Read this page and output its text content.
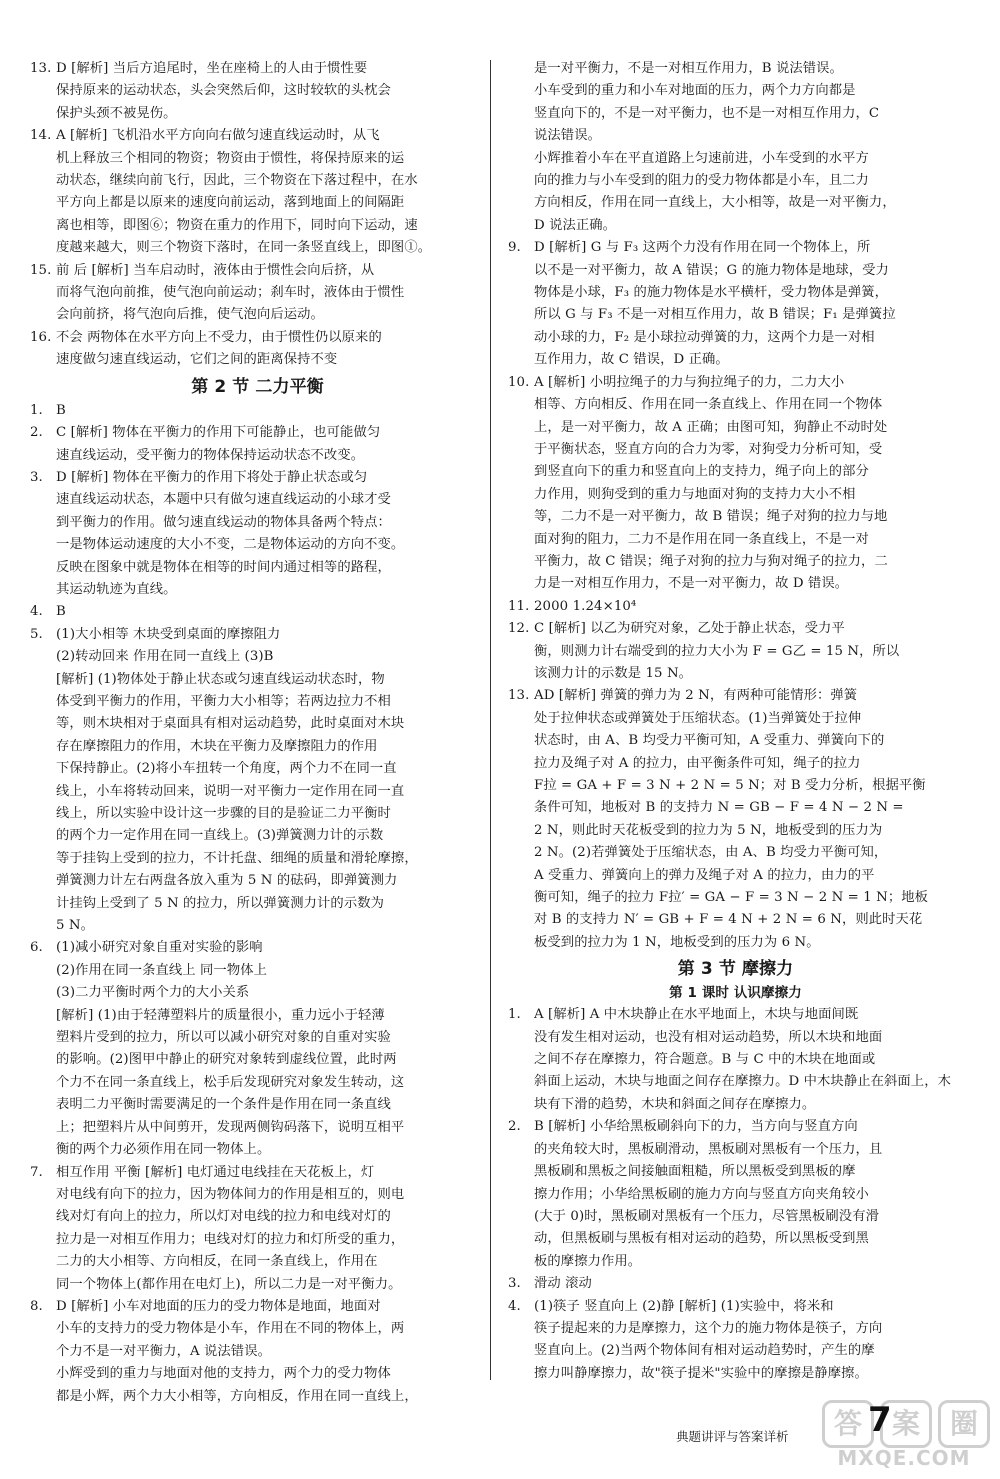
13. D [解析] 当后方追尾时，坐在座椅上的人由于惯性要
保持原来的运动状态，头会突然后仰，这时较软的头枕会
保护头颈不被晃伤。
14. A [解析] 飞机沿水平方向向右做匀速直线运动时，从飞
机上释放三个相同的物资；物资由于惯性，将保持原来的运
动状态，继续向前飞行，因此，三个物资在下落过程中，在水
平方向上都是以原来的速度向前运动，落到地面上的间隔距
离也相等，即图⑥；物资在重力的作用下，同时向下运动，速
度越来越大，则三个物资下落时，在同一条竖直线上，即图①。
15. 前 后 [解析] 当车启动时，液体由于惯性会向后挤，从
而将气泡向前推，使气泡向前运动；刹车时，液体由于惯性
会向前挤，将气泡向后推，使气泡向后运动。
16. 不会 两物体在水平方向上不受力，由于惯性仍以原来的
速度做匀速直线运动，它们之间的距离保持不变
第 2 节 二力平衡
1. B
2. C [解析] 物体在平衡力的作用下可能静止，也可能做匀
速直线运动，受平衡力的物体保持运动状态不改变。
3. D [解析] 物体在平衡力的作用下将处于静止状态或匀
速直线运动状态，本题中只有做匀速直线运动的小球才受
到平衡力的作用。做匀速直线运动的物体具备两个特点：
一是物体运动速度的大小不变，二是物体运动的方向不变。
反映在图象中就是物体在相等的时间内通过相等的路程，
其运动轨迹为直线。
4. B
5. (1)大小相等 木块受到桌面的摩擦阻力
(2)转动回来 作用在同一直线上 (3)B
[解析] (1)物体处于静止状态或匀速直线运动状态时，物
体受到平衡力的作用，平衡力大小相等；若两边拉力不相
等，则木块相对于桌面具有相对运动趋势，此时桌面对木块
存在摩擦阻力的作用，木块在平衡力及摩擦阻力的作用
下保持静止。(2)将小车扭转一个角度，两个力不在同一直
线上，小车将转动回来，说明一对平衡力一定作用在同一直
线上，所以实验中设计这一步骤的目的是验证二力平衡时
的两个力一定作用在同一直线上。(3)弹簧测力计的示数
等于挂钩上受到的拉力，不计托盘、细绳的质量和滑轮摩擦，
弹簧测力计左右两盘各放入重为 5 N 的砝码，即弹簧测力
计挂钩上受到了 5 N 的拉力，所以弹簧测力计的示数为
5 N。
6. (1)减小研究对象自重对实验的影响
(2)作用在同一条直线上 同一物体上
(3)二力平衡时两个力的大小关系
[解析] (1)由于轻薄塑料片的质量很小，重力远小于轻薄
塑料片受到的拉力，所以可以减小研究对象的自重对实验
的影响。(2)图甲中静止的研究对象转到虚线位置，此时两
个力不在同一条直线上，松手后发现研究对象发生转动，这
表明二力平衡时需要满足的一个条件是作用在同一条直线
上；把塑料片从中间剪开，发现两侧钩码落下，说明互相平
衡的两个力必须作用在同一物体上。
7. 相互作用 平衡 [解析] 电灯通过电线挂在天花板上，灯
对电线有向下的拉力，因为物体间力的作用是相互的，则电
线对灯有向上的拉力，所以灯对电线的拉力和电线对灯的
拉力是一对相互作用力；电线对灯的拉力和灯所受的重力，
二力的大小相等、方向相反，在同一条直线上，作用在
同一个物体上(都作用在电灯上)，所以二力是一对平衡力。
8. D [解析] 小车对地面的压力的受力物体是地面，地面对
小车的支持力的受力物体是小车，作用在不同的物体上，两
个力不是一对平衡力，A 说法错误。
小辉受到的重力与地面对他的支持力，两个力的受力物体
都是小辉，两个力大小相等，方向相反，作用在同一直线上，
是一对平衡力，不是一对相互作用力，B 说法错误。
小车受到的重力和小车对地面的压力，两个力方向都是
竖直向下的，不是一对平衡力，也不是一对相互作用力，C
说法错误。
小辉推着小车在平直道路上匀速前进，小车受到的水平方
向的推力与小车受到的阻力的受力物体都是小车，且二力
方向相反，作用在同一直线上，大小相等，故是一对平衡力，
D 说法正确。
9. D [解析] G 与 F₃ 这两个力没有作用在同一个物体上，所
以不是一对平衡力，故 A 错误；G 的施力物体是地球，受力
物体是小球，F₃ 的施力物体是水平横杆，受力物体是弹簧，
所以 G 与 F₃ 不是一对相互作用力，故 B 错误；F₁ 是弹簧拉
动小球的力，F₂ 是小球拉动弹簧的力，这两个力是一对相
互作用力，故 C 错误，D 正确。
10. A [解析] 小明拉绳子的力与狗拉绳子的力，二力大小
相等、方向相反、作用在同一条直线上、作用在同一个物体
上，是一对平衡力，故 A 正确；由图可知，狗静止不动时处
于平衡状态，竖直方向的合力为零，对狗受力分析可知，受
到竖直向下的重力和竖直向上的支持力，绳子向上的部分
力作用，则狗受到的重力与地面对狗的支持力大小不相
等，二力不是一对平衡力，故 B 错误；绳子对狗的拉力与地
面对狗的阻力，二力不是作用在同一条直线上，不是一对
平衡力，故 C 错误；绳子对狗的拉力与狗对绳子的拉力，二
力是一对相互作用力，不是一对平衡力，故 D 错误。
11. 2000 1.24×10⁴
12. C [解析] 以乙为研究对象，乙处于静止状态，受力平
衡，则测力计右端受到的拉力大小为 F = G乙 = 15 N，所以
该测力计的示数是 15 N。
13. AD [解析] 弹簧的弹力为 2 N，有两种可能情形：弹簧
处于拉伸状态或弹簧处于压缩状态。(1)当弹簧处于拉伸
状态时，由 A、B 均受力平衡可知，A 受重力、弹簧向下的
拉力及绳子对 A 的拉力，由平衡条件可知，绳子的拉力
F拉 = GA + F = 3 N + 2 N = 5 N；对 B 受力分析，根据平衡
条件可知，地板对 B 的支持力 N = GB − F = 4 N − 2 N =
2 N，则此时天花板受到的拉力为 5 N，地板受到的压力为
2 N。(2)若弹簧处于压缩状态，由 A、B 均受力平衡可知，
A 受重力、弹簧向上的弹力及绳子对 A 的拉力，由力的平
衡可知，绳子的拉力 F拉′ = GA − F = 3 N − 2 N = 1 N；地板
对 B 的支持力 N′ = GB + F = 4 N + 2 N = 6 N，则此时天花
板受到的拉力为 1 N，地板受到的压力为 6 N。
第 3 节 摩擦力
第 1 课时 认识摩擦力
1. A [解析] A 中木块静止在水平地面上，木块与地面间既
没有发生相对运动，也没有相对运动趋势，所以木块和地面
之间不存在摩擦力，符合题意。B 与 C 中的木块在地面或
斜面上运动，木块与地面之间存在摩擦力。D 中木块静止在斜面上，木
块有下滑的趋势，木块和斜面之间存在摩擦力。
2. B [解析] 小华给黑板刷斜向下的力，当方向与竖直方向
的夹角较大时，黑板刷滑动，黑板刷对黑板有一个压力，且
黑板刷和黑板之间接触面粗糙，所以黑板受到黑板的摩
擦力作用；小华给黑板刷的施力方向与竖直方向夹角较小
(大于 0)时，黑板刷对黑板有一个压力，尽管黑板刷没有滑
动，但黑板刷与黑板有相对运动的趋势，所以黑板受到黑
板的摩擦力作用。
3. 滑动 滚动
4. (1)筷子 竖直向上 (2)静 [解析] (1)实验中，将米和
筷子提起来的力是摩擦力，这个力的施力物体是筷子，方向
竖直向上。(2)当两个物体间有相对运动趋势时，产生的摩
擦力叫静摩擦力，故"筷子提米"实验中的摩擦是静摩擦。
典题讲评与答案详析	答	案	圈
MXQE.COM
7
